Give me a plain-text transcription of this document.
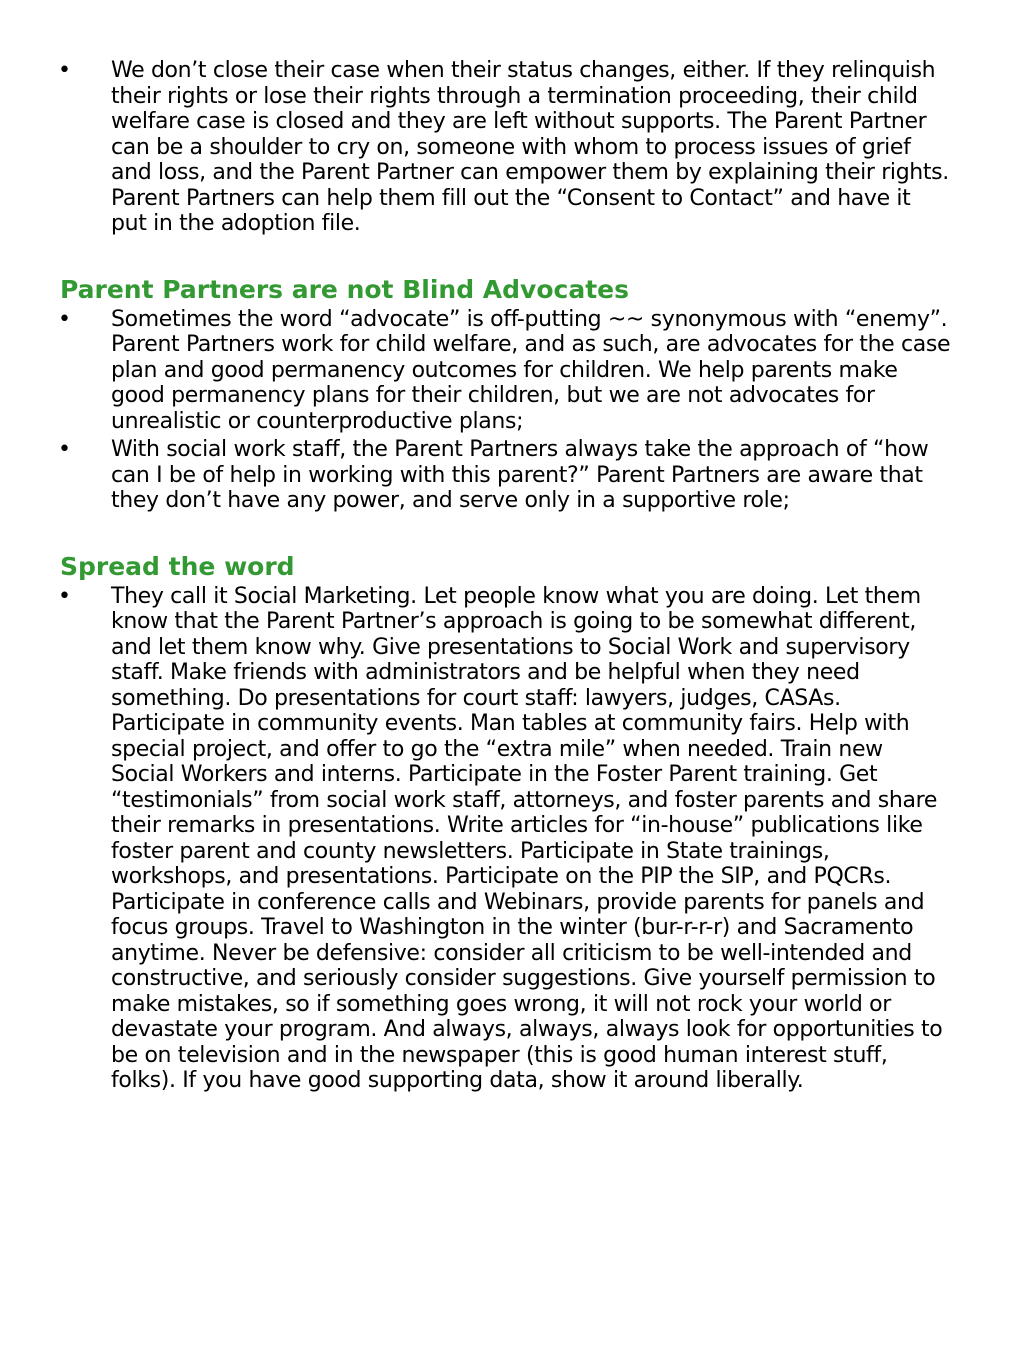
•	We don’t close their case when their status changes, either. If they relinquish their rights or lose their rights through a termination proceeding, their child welfare case is closed and they are left without supports. The Parent Partner can be a shoulder to cry on, someone with whom to process issues of grief and loss, and the Parent Partner can empower them by explaining their rights. Parent Partners can help them fill out the “Consent to Contact” and have it put in the adoption file.
Parent Partners are not Blind Advocates
•	Sometimes the word “advocate” is off-putting ~~ synonymous with “enemy”. Parent Partners work for child welfare, and as such, are advocates for the case plan and good permanency outcomes for children. We help parents make good permanency plans for their children, but we are not advocates for unrealistic or counterproductive plans;
•	With social work staff, the Parent Partners always take the approach of “how can I be of help in working with this parent?” Parent Partners are aware that they don’t have any power, and serve only in a supportive role;
Spread the word
•	They call it Social Marketing. Let people know what you are doing. Let them know that the Parent Partner’s approach is going to be somewhat different, and let them know why. Give presentations to Social Work and supervisory staff. Make friends with administrators and be helpful when they need something. Do presentations for court staff: lawyers, judges, CASAs. Participate in community events. Man tables at community fairs. Help with special project, and offer to go the “extra mile” when needed. Train new Social Workers and interns. Participate in the Foster Parent training. Get “testimonials” from social work staff, attorneys, and foster parents and share their remarks in presentations. Write articles for “in-house” publications like foster parent and county newsletters. Participate in State trainings, workshops, and presentations. Participate on the PIP the SIP, and PQCRs. Participate in conference calls and Webinars, provide parents for panels and focus groups. Travel to Washington in the winter (bur-r-r-r) and Sacramento anytime. Never be defensive: consider all criticism to be well-intended and constructive, and seriously consider suggestions. Give yourself permission to make mistakes, so if something goes wrong, it will not rock your world or devastate your program. And always, always, always look for opportunities to be on television and in the newspaper (this is good human interest stuff, folks). If you have good supporting data, show it around liberally.
